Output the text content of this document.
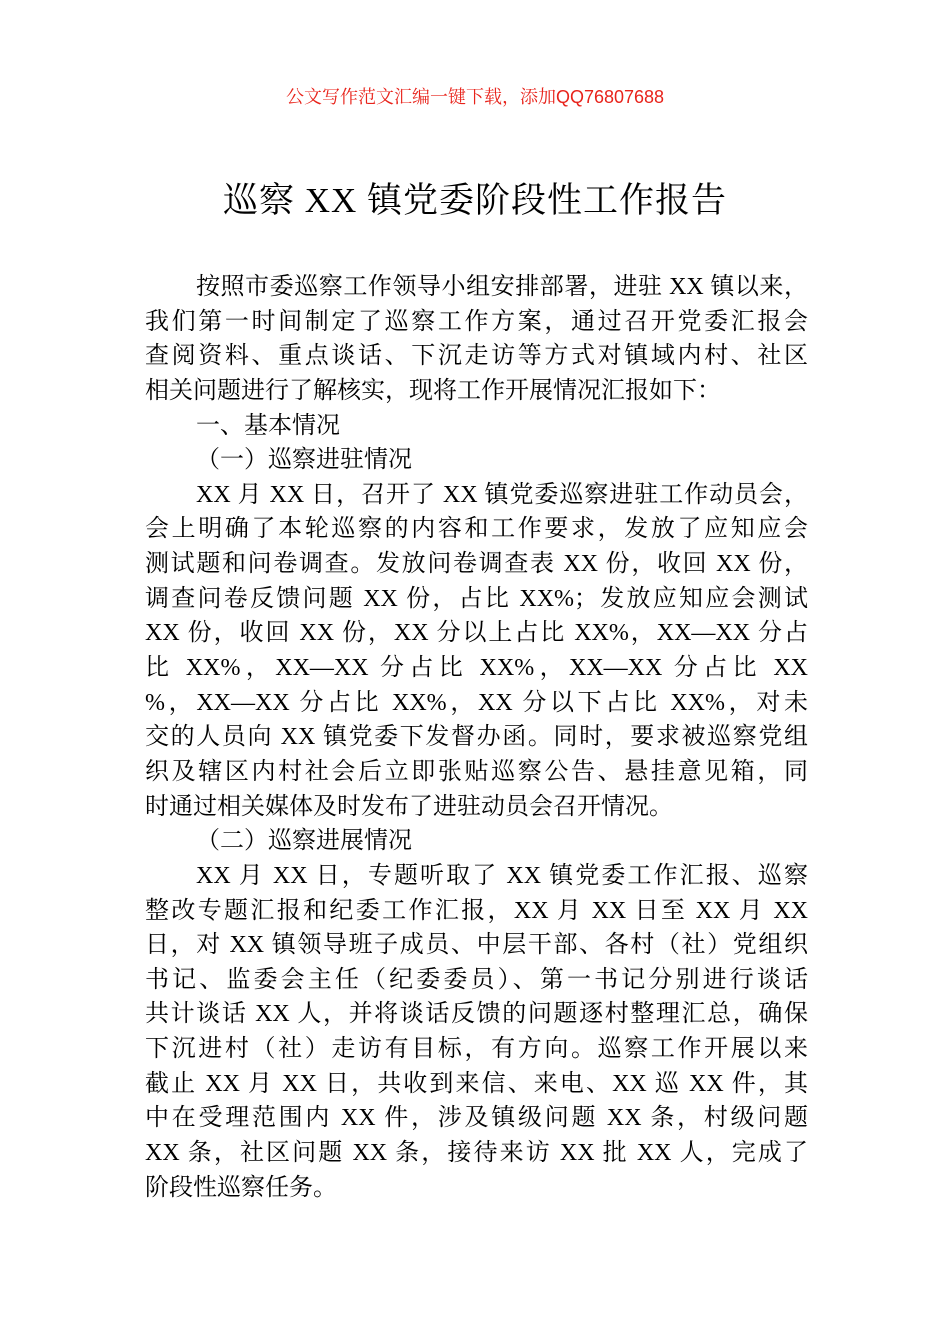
公文写作范文汇编一键下载，添加QQ76807688
巡察 XX 镇党委阶段性工作报告
按照市委巡察工作领导小组安排部署，进驻 XX 镇以来，
我们第一时间制定了巡察工作方案，通过召开党委汇报会
查阅资料、重点谈话、下沉走访等方式对镇域内村、社区
相关问题进行了解核实，现将工作开展情况汇报如下：
一、基本情况
（一）巡察进驻情况
XX 月 XX 日，召开了 XX 镇党委巡察进驻工作动员会，
会上明确了本轮巡察的内容和工作要求，发放了应知应会
测试题和问卷调查。发放问卷调查表 XX 份，收回 XX 份，
调查问卷反馈问题 XX 份，占比 XX%；发放应知应会测试
XX 份，收回 XX 份，XX 分以上占比 XX%，XX—XX 分占
比 XX%，XX—XX 分占比 XX%，XX—XX 分占比 XX
%，XX—XX 分占比 XX%，XX 分以下占比 XX%，对未
交的人员向 XX 镇党委下发督办函。同时，要求被巡察党组
织及辖区内村社会后立即张贴巡察公告、悬挂意见箱，同
时通过相关媒体及时发布了进驻动员会召开情况。
（二）巡察进展情况
XX 月 XX 日，专题听取了 XX 镇党委工作汇报、巡察
整改专题汇报和纪委工作汇报，XX 月 XX 日至 XX 月 XX
日，对 XX 镇领导班子成员、中层干部、各村（社）党组织
书记、监委会主任（纪委委员）、第一书记分别进行谈话
共计谈话 XX 人，并将谈话反馈的问题逐村整理汇总，确保
下沉进村（社）走访有目标，有方向。巡察工作开展以来
截止 XX 月 XX 日，共收到来信、来电、XX 巡 XX 件，其
中在受理范围内 XX 件，涉及镇级问题 XX 条，村级问题
XX 条，社区问题 XX 条，接待来访 XX 批 XX 人，完成了
阶段性巡察任务。
